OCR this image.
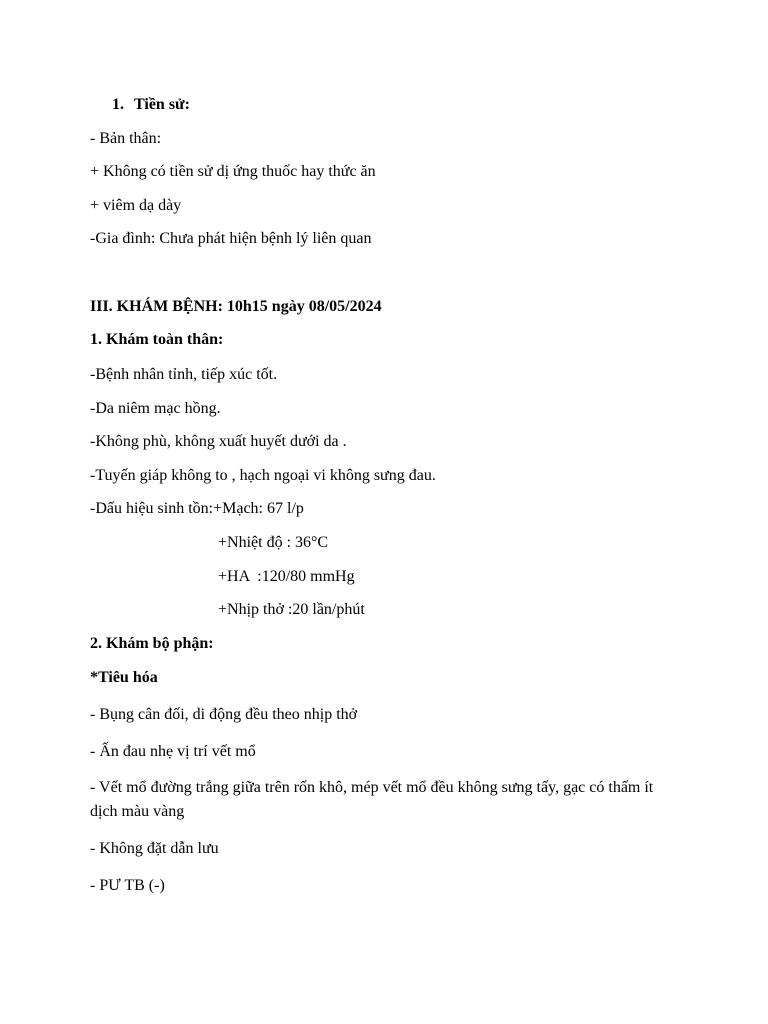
1. Tiền sử:
- Bản thân:
+ Không có tiền sử dị ứng thuốc hay thức ăn
+ viêm dạ dày
-Gia đình: Chưa phát hiện bệnh lý liên quan
III. KHÁM BỆNH: 10h15 ngày 08/05/2024
1. Khám toàn thân:
-Bệnh nhân tỉnh, tiếp xúc tốt.
-Da niêm mạc hồng.
-Không phù, không xuất huyết dưới da .
-Tuyến giáp không to , hạch ngoại vi không sưng đau.
-Dấu hiệu sinh tồn:+Mạch: 67 l/p
+Nhiệt độ : 36°C
+HA  :120/80 mmHg
+Nhịp thở :20 lần/phút
2. Khám bộ phận:
*Tiêu hóa
- Bụng cân đối, di động đều theo nhịp thở
- Ấn đau nhẹ vị trí vết mổ
- Vết mổ đường trắng giữa trên rốn khô, mép vết mổ đều không sưng tấy, gạc có thấm ít dịch màu vàng
- Không đặt dẫn lưu
- PƯ TB (-)
